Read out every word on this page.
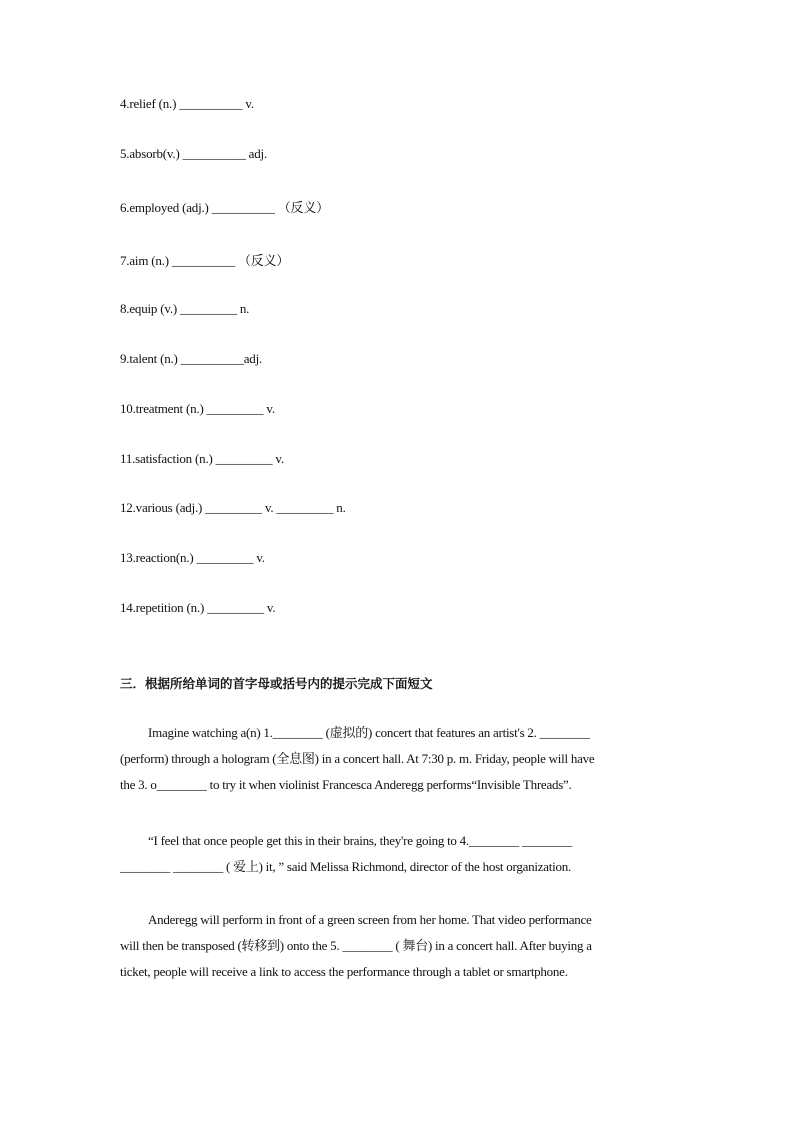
4.relief (n.) __________ v.
5.absorb(v.) __________ adj.
6.employed (adj.) __________ （反义）
7.aim (n.) __________ （反义）
8.equip (v.) _________ n.
9.talent (n.) __________adj.
10.treatment (n.) _________ v.
11.satisfaction (n.) _________ v.
12.various (adj.) _________ v. _________ n.
13.reaction(n.) _________ v.
14.repetition (n.) _________ v.
三．根据所给单词的首字母或括号内的提示完成下面短文
Imagine watching a(n) 1.________ (虚拟的) concert that features an artist's 2. ________
(perform) through a hologram (全息图) in a concert hall. At 7:30 p. m. Friday, people will have
the 3. o________ to try it when violinist Francesca Anderegg performs“Invisible Threads”.
“I feel that once people get this in their brains, they're going to 4.________ ________
________ ________ ( 爱上) it, ” said Melissa Richmond, director of the host organization.
Anderegg will perform in front of a green screen from her home. That video performance
will then be transposed (转移到) onto the 5. ________ ( 舞台) in a concert hall. After buying a
ticket, people will receive a link to access the performance through a tablet or smartphone.
